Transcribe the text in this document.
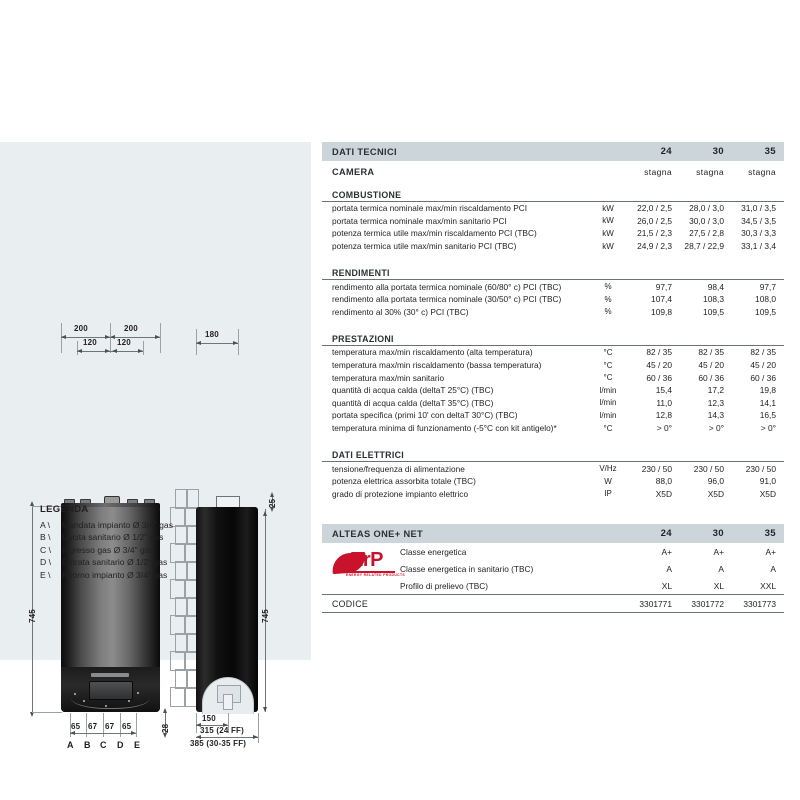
200	200
120	120
745
65 67 67 65
A B C D E
28
180
25
745
150
315 (24 FF)
385 (30-35 FF)
LEGENDA
A \ Mandata impianto Ø 3/4" gas
B \ Uscita sanitario Ø 1/2" gas
C \ Ingresso gas Ø 3/4" gas
D \ Entrata sanitario Ø 1/2" gas
E \ Ritorno impianto Ø 3/4" gas
DATI TECNICI		24	30	35
CAMERA		stagna	stagna	stagna
COMBUSTIONE				
portata termica nominale max/min riscaldamento PCI	kW	22,0 / 2,5	28,0 / 3,0	31,0 / 3,5
portata termica nominale max/min sanitario PCI	kW	26,0 / 2,5	30,0 / 3,0	34,5 / 3,5
potenza termica utile max/min riscaldamento PCI (TBC)	kW	21,5 / 2,3	27,5 / 2,8	30,3 / 3,3
potenza termica utile max/min sanitario PCI (TBC)	kW	24,9 / 2,3	28,7 / 22,9	33,1 / 3,4

RENDIMENTI				
rendimento alla portata termica nominale (60/80° c) PCI (TBC)	%	97,7	98,4	97,7
rendimento alla portata termica nominale (30/50° c) PCI (TBC)	%	107,4	108,3	108,0
rendimento al 30% (30° c) PCI (TBC)	%	109,8	109,5	109,5

PRESTAZIONI				
temperatura max/min riscaldamento (alta temperatura)	°C	82 / 35	82 / 35	82 / 35
temperatura max/min riscaldamento (bassa temperatura)	°C	45 / 20	45 / 20	45 / 20
temperatura max/min sanitario	°C	60 / 36	60 / 36	60 / 36
quantità di acqua calda (deltaT 25°C) (TBC)	l/min	15,4	17,2	19,8
quantità di acqua calda (deltaT 35°C) (TBC)	l/min	11,0	12,3	14,1
portata specifica (primi 10' con deltaT 30°C) (TBC)	l/min	12,8	14,3	16,5
temperatura minima di funzionamento (-5°C con kit antigelo)*	°C	> 0°	> 0°	> 0°

DATI ELETTRICI				
tensione/frequenza di alimentazione	V/Hz	230 / 50	230 / 50	230 / 50
potenza elettrica assorbita totale (TBC)	W	88,0	96,0	91,0
grado di protezione impianto elettrico	IP	X5D	X5D	X5D

ALTEAS ONE+ NET		24	30	35

ErP
ENERGY RELATED PRODUCTS
Classe energetica		A+	A+	A+
Classe energetica in sanitario (TBC)		A	A	A
Profilo di prelievo (TBC)		XL	XL	XXL
CODICE		3301771	3301772	3301773
